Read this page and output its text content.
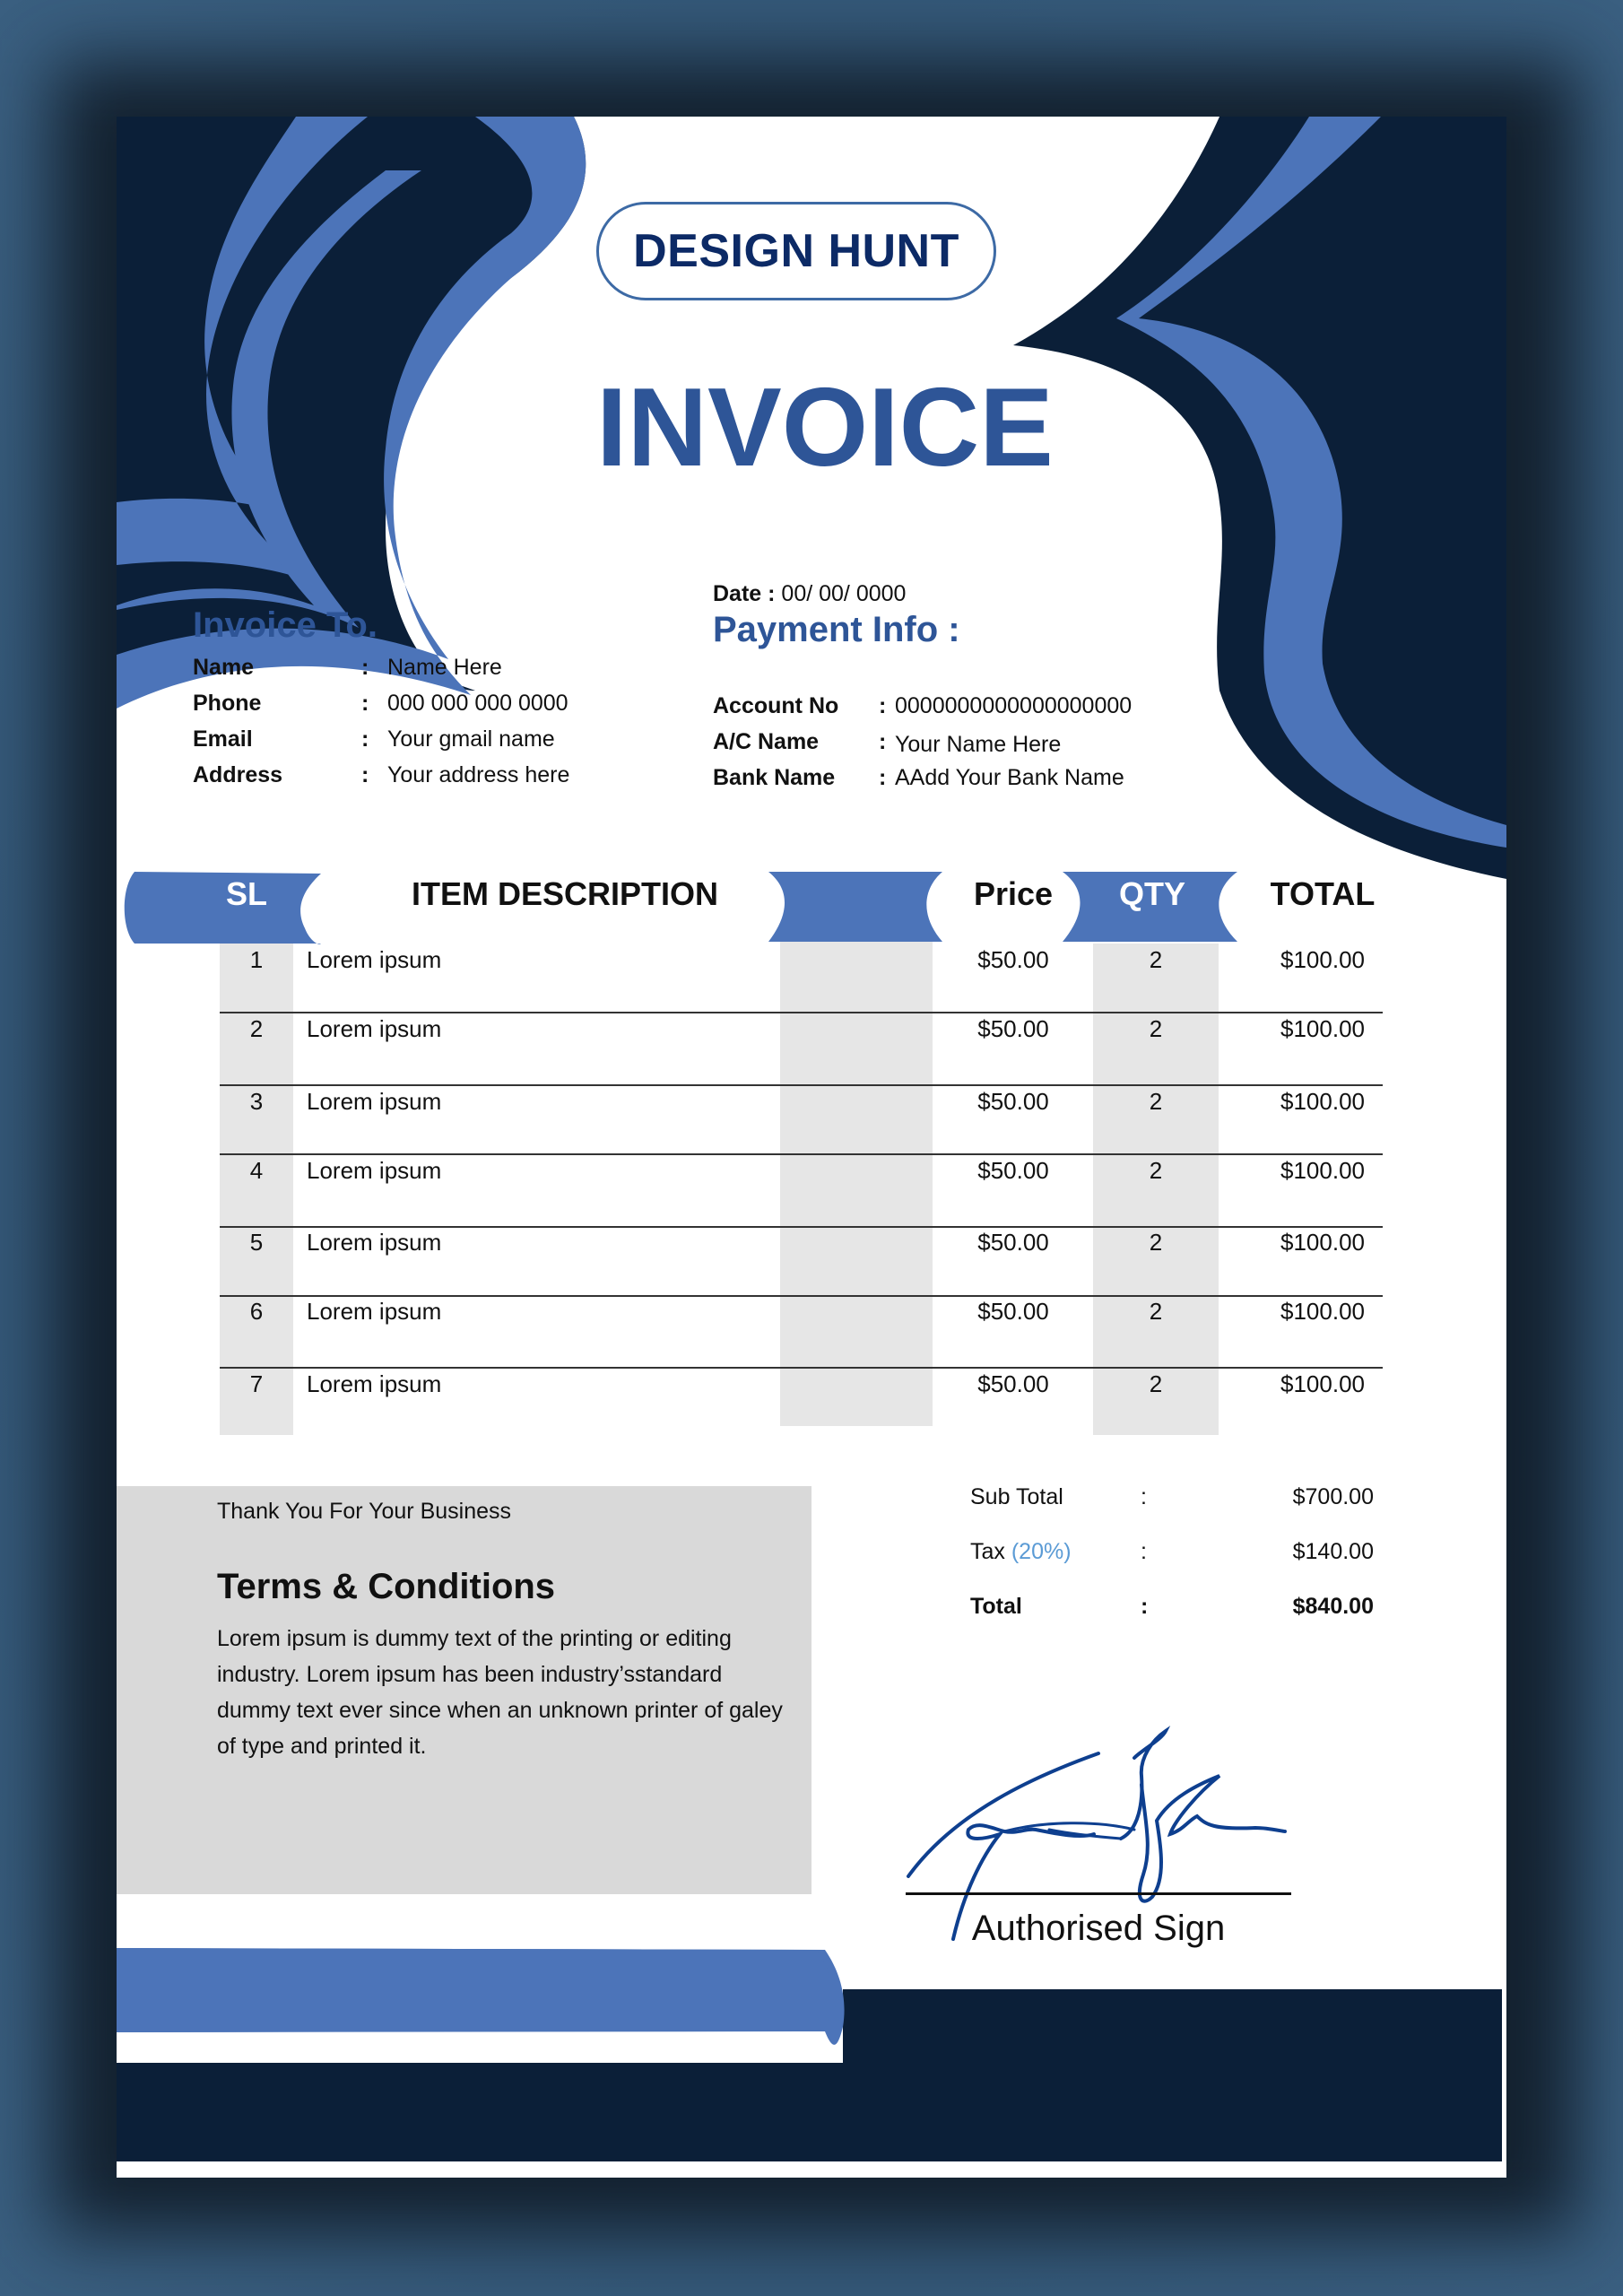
DESIGN HUNT
INVOICE
Invoice To.
Name	: Name Here
Phone	: 000 000 000 0000
Email	: Your gmail name
Address	: Your address here
Date : 00/ 00/ 0000
Payment Info :
Account No : 0000000000000000000
A/C Name	: Your Name Here
Bank Name : AAdd Your Bank Name
SL	ITEM DESCRIPTION	Price	QTY	TOTAL
1	Lorem ipsum	$50.00	2	$100.00
2	Lorem ipsum	$50.00	2	$100.00
3	Lorem ipsum	$50.00	2	$100.00
4	Lorem ipsum	$50.00	2	$100.00
5	Lorem ipsum	$50.00	2	$100.00
6	Lorem ipsum	$50.00	2	$100.00
7	Lorem ipsum	$50.00	2	$100.00
Thank You For Your Business
Terms & Conditions
Lorem ipsum is dummy text of the printing or editing industry. Lorem ipsum has been industry’sstandard dummy text ever since when an unknown printer of galey of type and printed it.
Sub Total	:	$700.00
Tax (20%)	:	$140.00
Total	:	$840.00
Authorised Sign
